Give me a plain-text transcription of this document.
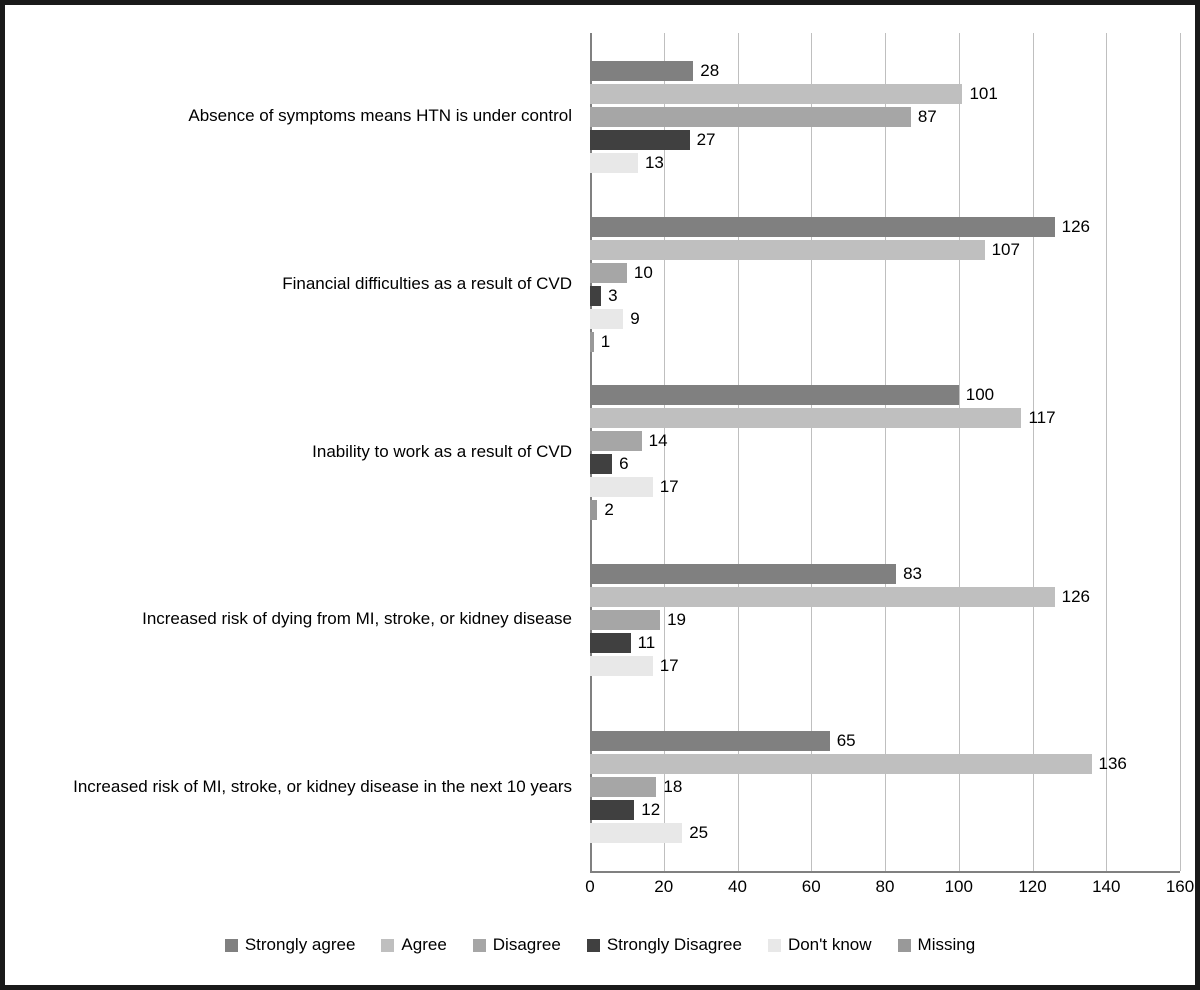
28
101
87
27
13
126
107
10
3
9
1
100
117
14
6
17
2
83
126
19
11
17
65
136
18
12
25
0	20	40	60	80	100	120	140	160
Absence of symptoms means HTN is under control
Financial difficulties as a result of CVD
Inability to work as a result of CVD
Increased risk of dying from MI, stroke, or kidney disease
Increased risk of MI, stroke, or kidney disease in the next 10 years
Strongly agree	Agree	Disagree	Strongly Disagree	Don't know	Missing
